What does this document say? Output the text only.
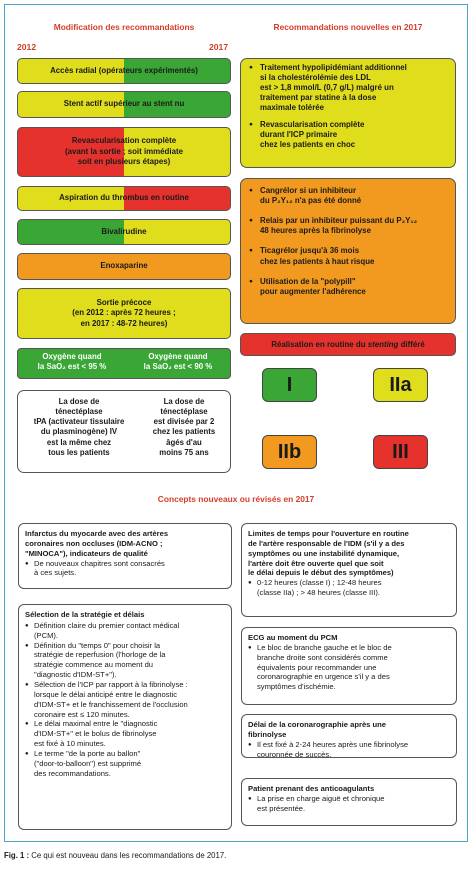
Modification des recommandations	Recommandations nouvelles en 2017
2012	2017
Accès radial (opérateurs expérimentés)
Stent actif supérieur au stent nu
Revascularisation complète
(avant la sortie ; soit immédiate
soit en plusieurs étapes)
Aspiration du thrombus en routine
Bivalirudine
Enoxaparine
Sortie précoce
(en 2012 : après 72 heures ;
en 2017 : 48-72 heures)
Oxygène quand
la SaO₂ est < 95 %
Oxygène quand
la SaO₂ est < 90 %
La dose de
ténectéplase
tPA (activateur tissulaire
du plasminogène) IV
est la même chez
tous les patients
La dose de
ténectéplase
est divisée par 2
chez les patients
âgés d'au
moins 75 ans
● Traitement hypolipidémiant additionnel
si la cholestérolémie des LDL
est > 1,8 mmol/L (0,7 g/L) malgré un
traitement par statine à la dose
maximale tolérée
● Revascularisation complète
durant l'ICP primaire
chez les patients en choc
● Cangrélor si un inhibiteur
du P₂Y₁₂ n'a pas été donné
● Relais par un inhibiteur puissant du P₂Y₁₂
48 heures après la fibrinolyse
● Ticagrélor jusqu'à 36 mois
chez les patients à haut risque
● Utilisation de la "polypill"
pour augmenter l'adhérence
Réalisation en routine du stenting différé
I	IIa
IIb	III
Concepts nouveaux ou révisés en 2017
Infarctus du myocarde avec des artères
coronaires non occluses (IDM-ACNO ;
"MINOCA"), indicateurs de qualité
● De nouveaux chapitres sont consacrés
à ces sujets.
Sélection de la stratégie et délais
● Définition claire du premier contact médical
(PCM).
● Définition du "temps 0" pour choisir la
stratégie de reperfusion (l'horloge de la
stratégie commence au moment du
"diagnostic d'IDM-ST+").
● Sélection de l'ICP par rapport à la fibrinolyse :
lorsque le délai anticipé entre le diagnostic
d'IDM-ST+ et le franchissement de l'occlusion
coronaire est ≤ 120 minutes.
● Le délai maximal entre le "diagnostic
d'IDM-ST+" et le bolus de fibrinolyse
est fixé à 10 minutes.
● Le terme "de la porte au ballon"
("door-to-balloon") est supprimé
des recommandations.
Limites de temps pour l'ouverture en routine
de l'artère responsable de l'IDM (s'il y a des
symptômes ou une instabilité dynamique,
l'artère doit être ouverte quel que soit
le délai depuis le début des symptômes)
● 0-12 heures (classe I) ; 12-48 heures
(classe IIa) ; > 48 heures (classe III).
ECG au moment du PCM
● Le bloc de branche gauche et le bloc de
branche droite sont considérés comme
équivalents pour recommander une
coronarographie en urgence s'il y a des
symptômes d'ischémie.
Délai de la coronarographie après une
fibrinolyse
● Il est fixé à 2-24 heures après une fibrinolyse
couronnée de succès.
Patient prenant des anticoagulants
● La prise en charge aiguë et chronique
est présentée.
Fig. 1 : Ce qui est nouveau dans les recommandations de 2017.
